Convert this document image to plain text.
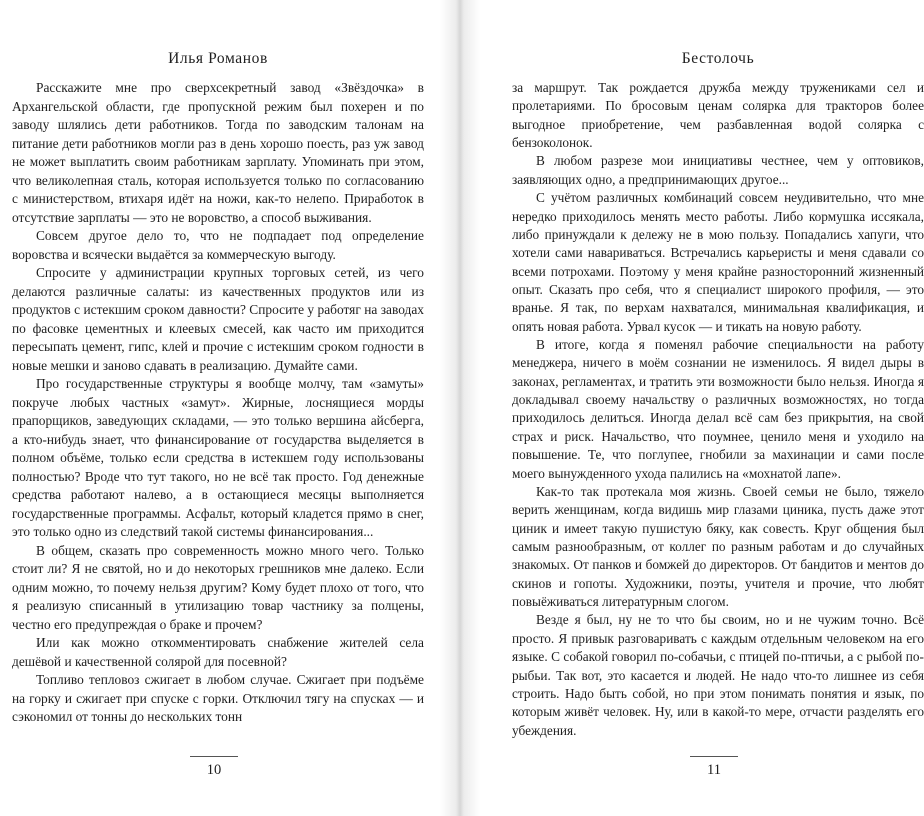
Илья Романов

Расскажите мне про сверхсекретный завод «Звёздочка» в Архангельской области, где пропускной режим был похерен и по заводу шлялись дети работников. Тогда по заводским талонам на питание дети работников могли раз в день хорошо поесть, раз уж завод не может выплатить своим работникам зарплату. Упоминать при этом, что великолепная сталь, которая используется только по согласованию с министерством, втихаря идёт на ножи, как-то нелепо. Приработок в отсутствие зарплаты — это не воровство, а способ выживания.

Совсем другое дело то, что не подпадает под определение воровства и всячески выдаётся за коммерческую выгоду.

Спросите у администрации крупных торговых сетей, из чего делаются различные салаты: из качественных продуктов или из продуктов с истекшим сроком давности? Спросите у работяг на заводах по фасовке цементных и клеевых смесей, как часто им приходится пересыпать цемент, гипс, клей и прочие с истекшим сроком годности в новые мешки и заново сдавать в реализацию. Думайте сами.

Про государственные структуры я вообще молчу, там «замуты» покруче любых частных «замут». Жирные, лоснящиеся морды прапорщиков, заведующих складами, — это только вершина айсберга, а кто-нибудь знает, что финансирование от государства выделяется в полном объёме, только если средства в истекшем году использованы полностью? Вроде что тут такого, но не всё так просто. Год денежные средства работают налево, а в остающиеся месяцы выполняется государственные программы. Асфальт, который кладется прямо в снег, это только одно из следствий такой системы финансирования...

В общем, сказать про современность можно много чего. Только стоит ли? Я не святой, но и до некоторых грешников мне далеко. Если одним можно, то почему нельзя другим? Кому будет плохо от того, что я реализую списанный в утилизацию товар частнику за полцены, честно его предупреждая о браке и прочем?

Или как можно откомментировать снабжение жителей села дешёвой и качественной солярой для посевной?

Топливо тепловоз сжигает в любом случае. Сжигает при подъёме на горку и сжигает при спуске с горки. Отключил тягу на спусках — и сэкономил от тонны до нескольких тонн

10
Бестолочь

за маршрут. Так рождается дружба между тружениками сел и пролетариями. По бросовым ценам солярка для тракторов более выгодное приобретение, чем разбавленная водой солярка с бензоколонок.

В любом разрезе мои инициативы честнее, чем у оптовиков, заявляющих одно, а предпринимающих другое...

С учётом различных комбинаций совсем неудивительно, что мне нередко приходилось менять место работы. Либо кормушка иссякала, либо принуждали к дележу не в мою пользу. Попадались хапуги, что хотели сами навариваться. Встречались карьеристы и меня сдавали со всеми потрохами. Поэтому у меня крайне разносторонний жизненный опыт. Сказать про себя, что я специалист широкого профиля, — это вранье. Я так, по верхам нахватался, минимальная квалификация, и опять новая работа. Урвал кусок — и тикать на новую работу.

В итоге, когда я поменял рабочие специальности на работу менеджера, ничего в моём сознании не изменилось. Я видел дыры в законах, регламентах, и тратить эти возможности было нельзя. Иногда я докладывал своему начальству о различных возможностях, но тогда приходилось делиться. Иногда делал всё сам без прикрытия, на свой страх и риск. Начальство, что поумнее, ценило меня и уходило на повышение. Те, что поглупее, гнобили за махинации и сами после моего вынужденного ухода палились на «мохнатой лапе».

Как-то так протекала моя жизнь. Своей семьи не было, тяжело верить женщинам, когда видишь мир глазами циника, пусть даже этот циник и имеет такую пушистую бяку, как совесть. Круг общения был самым разнообразным, от коллег по разным работам и до случайных знакомых. От панков и бомжей до директоров. От бандитов и ментов до скинов и гопоты. Художники, поэты, учителя и прочие, что любят повыёживаться литературным слогом.

Везде я был, ну не то что бы своим, но и не чужим точно. Всё просто. Я привык разговаривать с каждым отдельным человеком на его языке. С собакой говорил по-собачьи, с птицей по-птичьи, а с рыбой по-рыбьи. Так вот, это касается и людей. Не надо что-то лишнее из себя строить. Надо быть собой, но при этом понимать понятия и язык, по которым живёт человек. Ну, или в какой-то мере, отчасти разделять его убеждения.

11
